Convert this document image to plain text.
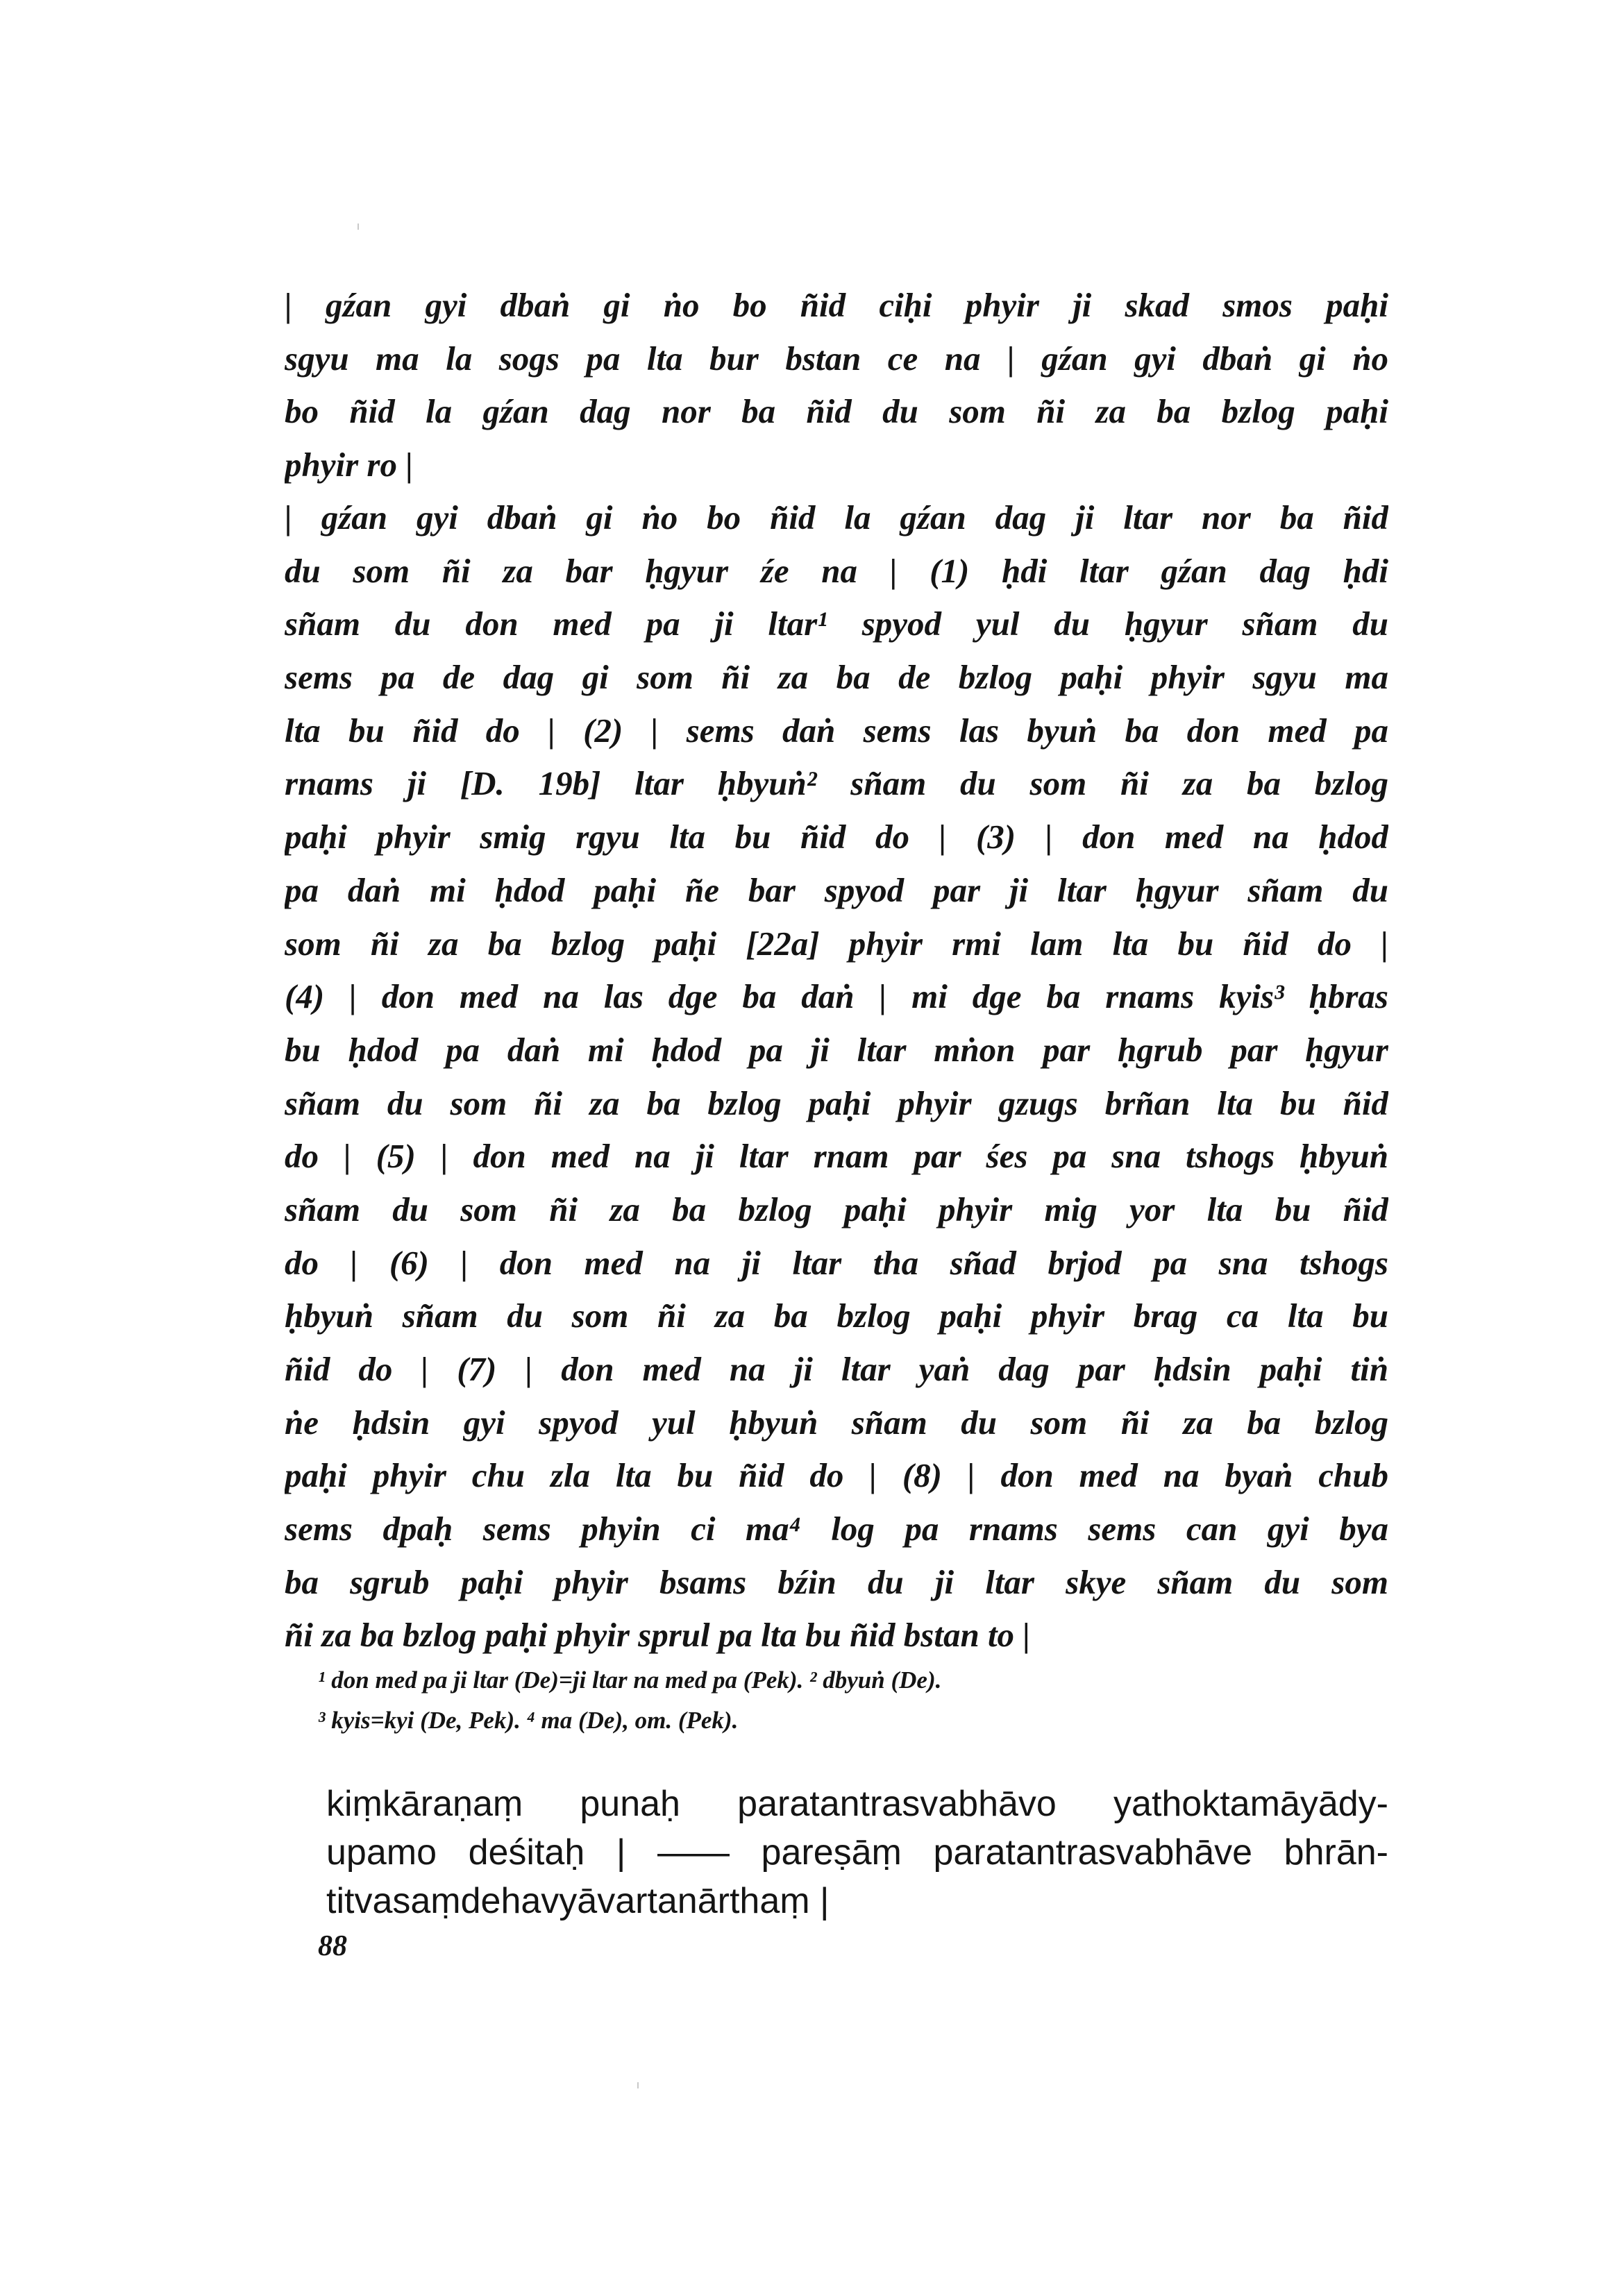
| gźan gyi dbaṅ gi ṅo bo ñid ciḥi phyir ji skad smos paḥi
sgyu ma la sogs pa lta bur bstan ce na | gźan gyi dbaṅ gi ṅo
bo ñid la gźan dag nor ba ñid du som ñi za ba bzlog paḥi
phyir ro |
| gźan gyi dbaṅ gi ṅo bo ñid la gźan dag ji ltar nor ba ñid
du som ñi za bar ḥgyur źe na | (1) ḥdi ltar gźan dag ḥdi
sñam du don med pa ji ltar¹ spyod yul du ḥgyur sñam du
sems pa de dag gi som ñi za ba de bzlog paḥi phyir sgyu ma
lta bu ñid do | (2) | sems daṅ sems las byuṅ ba don med pa
rnams ji [D. 19b] ltar ḥbyuṅ² sñam du som ñi za ba bzlog
paḥi phyir smig rgyu lta bu ñid do | (3) | don med na ḥdod
pa daṅ mi ḥdod paḥi ñe bar spyod par ji ltar ḥgyur sñam du
som ñi za ba bzlog paḥi [22a] phyir rmi lam lta bu ñid do |
(4) | don med na las dge ba daṅ | mi dge ba rnams kyis³ ḥbras
bu ḥdod pa daṅ mi ḥdod pa ji ltar mṅon par ḥgrub par ḥgyur
sñam du som ñi za ba bzlog paḥi phyir gzugs brñan lta bu ñid
do | (5) | don med na ji ltar rnam par śes pa sna tshogs ḥbyuṅ
sñam du som ñi za ba bzlog paḥi phyir mig yor lta bu ñid
do | (6) | don med na ji ltar tha sñad brjod pa sna tshogs
ḥbyuṅ sñam du som ñi za ba bzlog paḥi phyir brag ca lta bu
ñid do | (7) | don med na ji ltar yaṅ dag par ḥdsin paḥi tiṅ
ṅe ḥdsin gyi spyod yul ḥbyuṅ sñam du som ñi za ba bzlog
paḥi phyir chu zla lta bu ñid do | (8) | don med na byaṅ chub
sems dpaḥ sems phyin ci ma⁴ log pa rnams sems can gyi bya
ba sgrub paḥi phyir bsams bźin du ji ltar skye sñam du som
ñi za ba bzlog paḥi phyir sprul pa lta bu ñid bstan to |
¹ don med pa ji ltar (De)=ji ltar na med pa (Pek). ² dbyuṅ (De).
³ kyis=kyi (De, Pek). ⁴ ma (De), om. (Pek).
kiṃkāraṇaṃ punaḥ paratantrasvabhāvo yathoktamāyādy-
upamo deśitaḥ | —— pareṣāṃ paratantrasvabhāve bhrān-
titvasaṃdehavyāvartanārthaṃ |
88
